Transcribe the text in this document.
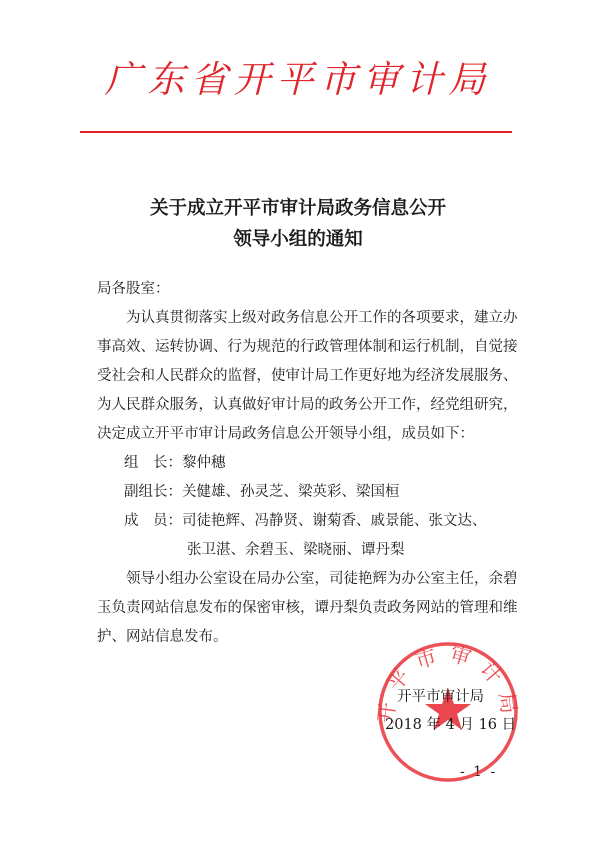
广东省开平市审计局
关于成立开平市审计局政务信息公开
领导小组的通知

局各股室：

为认真贯彻落实上级对政务信息公开工作的各项要求，建立办事高效、运转协调、行为规范的行政管理体制和运行机制，自觉接受社会和人民群众的监督，使审计局工作更好地为经济发展服务、为人民群众服务，认真做好审计局的政务公开工作，经党组研究，决定成立开平市审计局政务信息公开领导小组，成员如下：

组　长： 黎仲穗
副组长： 关健雄、孙灵芝、梁英彩、梁国桓
成　员： 司徒艳辉、冯静贤、谢菊香、戚景能、张文达、

张卫湛、余碧玉、梁晓丽、谭丹梨

领导小组办公室设在局办公室，司徒艳辉为办公室主任，余碧玉负责网站信息发布的保密审核，谭丹梨负责政务网站的管理和维护、网站信息发布。

开平市审计局
开平市审计局
2018 年 4 月 16 日
- 1 -
